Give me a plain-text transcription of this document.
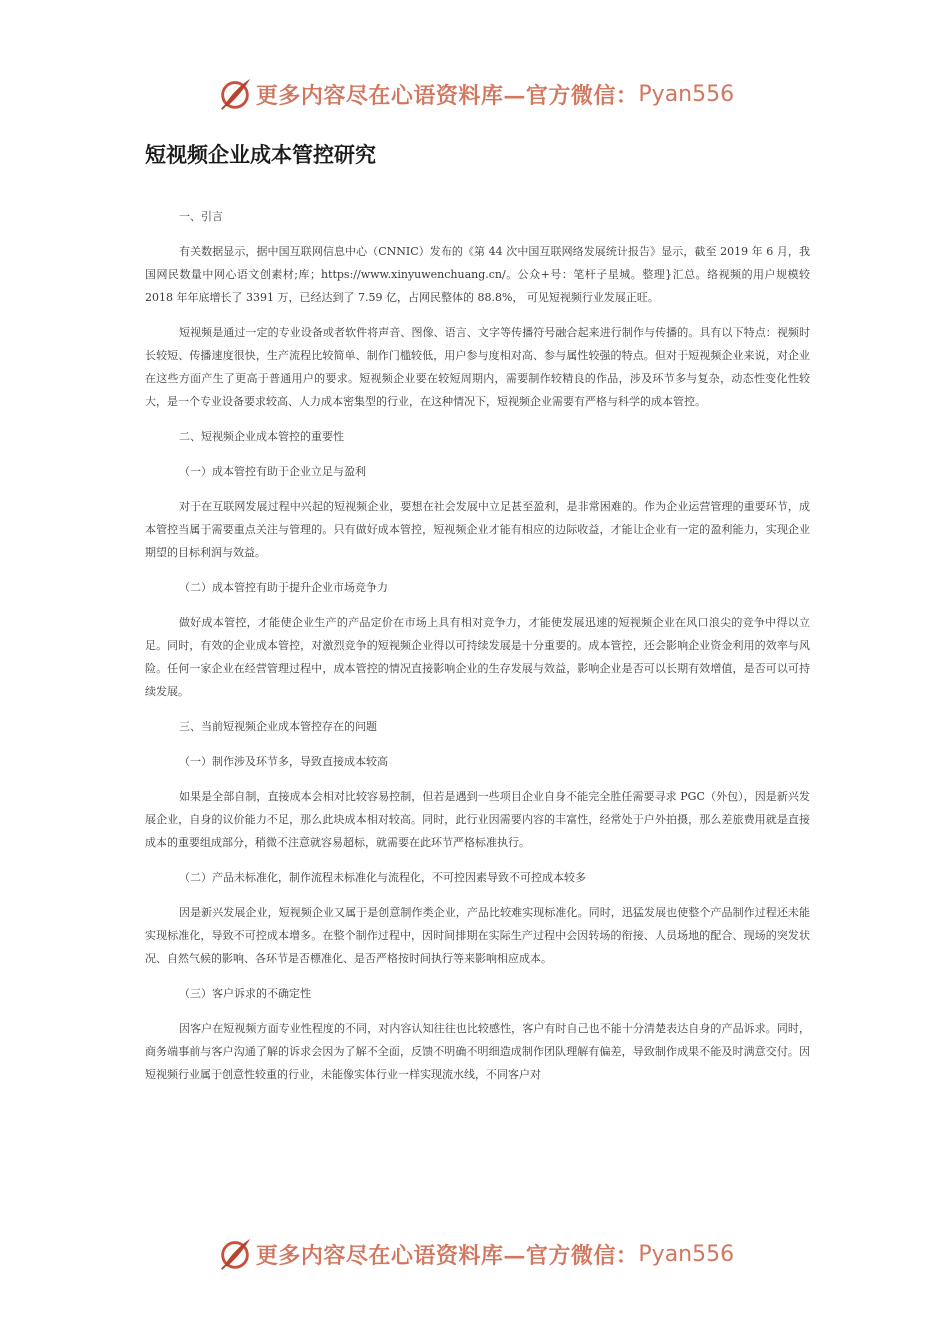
更多内容尽在心语资料库—官方微信： Pyan556
短视频企业成本管控研究

一、引言

有关数据显示，据中国互联网信息中心（CNNIC）发布的《第 44 次中国互联网络发展统计报告》显示，截至 2019 年 6 月，我国网民数量中网心语文创素材;库；https://www.xinyuwenchuang.cn/。公众+号：笔杆子星城。整理}汇总。络视频的用户规模较 2018 年年底增长了 3391 万，已经达到了 7.59 亿，占网民整体的 88.8%， 可见短视频行业发展正旺。

短视频是通过一定的专业设备或者软件将声音、图像、语言、文字等传播符号融合起来进行制作与传播的。具有以下特点：视频时长较短、传播速度很快，生产流程比较简单、制作门槛较低，用户参与度相对高、参与属性较强的特点。但对于短视频企业来说，对企业在这些方面产生了更高于普通用户的要求。短视频企业要在较短周期内，需要制作较精良的作品，涉及环节多与复杂，动态性变化性较大，是一个专业设备要求较高、人力成本密集型的行业，在这种情况下，短视频企业需要有严格与科学的成本管控。

二、短视频企业成本管控的重要性

（一）成本管控有助于企业立足与盈利

对于在互联网发展过程中兴起的短视频企业，要想在社会发展中立足甚至盈利，是非常困难的。作为企业运营管理的重要环节，成本管控当属于需要重点关注与管理的。只有做好成本管控，短视频企业才能有相应的边际收益，才能让企业有一定的盈利能力，实现企业期望的目标利润与效益。

（二）成本管控有助于提升企业市场竞争力

做好成本管控，才能使企业生产的产品定价在市场上具有相对竞争力，才能使发展迅速的短视频企业在风口浪尖的竞争中得以立足。同时，有效的企业成本管控，对激烈竞争的短视频企业得以可持续发展是十分重要的。成本管控，还会影响企业资金利用的效率与风险。任何一家企业在经营管理过程中，成本管控的情况直接影响企业的生存发展与效益，影响企业是否可以长期有效增值，是否可以可持续发展。

三、当前短视频企业成本管控存在的问题

（一）制作涉及环节多，导致直接成本较高

如果是全部自制，直接成本会相对比较容易控制，但若是遇到一些项目企业自身不能完全胜任需要寻求 PGC（外包），因是新兴发展企业，自身的议价能力不足，那么此块成本相对较高。同时，此行业因需要内容的丰富性，经常处于户外拍摄，那么差旅费用就是直接成本的重要组成部分，稍微不注意就容易超标，就需要在此环节严格标准执行。

（二）产品未标准化，制作流程未标准化与流程化，不可控因素导致不可控成本较多

因是新兴发展企业，短视频企业又属于是创意制作类企业，产品比较难实现标准化。同时，迅猛发展也使整个产品制作过程还未能实现标准化，导致不可控成本增多。在整个制作过程中，因时间排期在实际生产过程中会因转场的衔接、人员场地的配合、现场的突发状况、自然气候的影响、各环节是否標准化、是否严格按时间执行等来影响相应成本。

（三）客户诉求的不确定性

因客户在短视频方面专业性程度的不同，对内容认知往往也比较感性，客户有时自己也不能十分清楚表达自身的产品诉求。同时，商务端事前与客户沟通了解的诉求会因为了解不全面，反馈不明确不明细造成制作团队理解有偏差，导致制作成果不能及时满意交付。因短视频行业属于创意性较重的行业，未能像实体行业一样实现流水线，不同客户对

更多内容尽在心语资料库—官方微信： Pyan556
